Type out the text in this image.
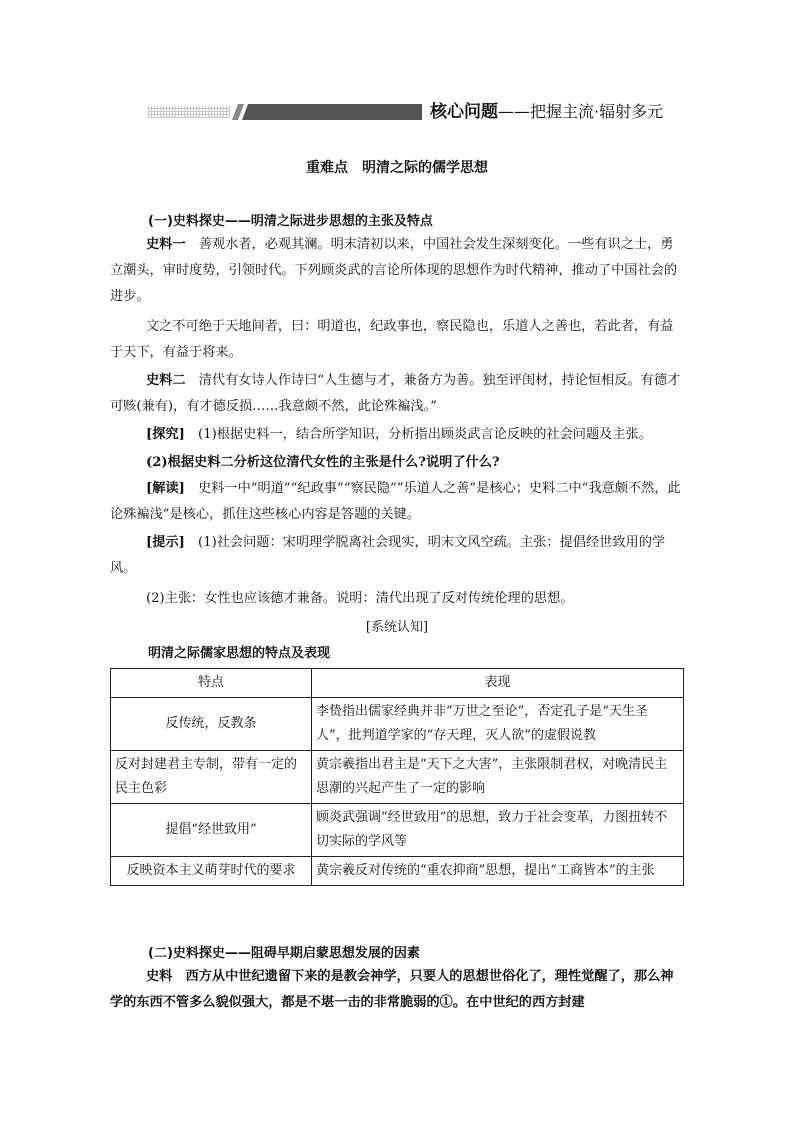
核心问题——把握主流·辐射多元
重难点　明清之际的儒学思想
(一)史料探史——明清之际进步思想的主张及特点

史料一　善观水者，必观其澜。明末清初以来，中国社会发生深刻变化。一些有识之士，勇立潮头，审时度势，引领时代。下列顾炎武的言论所体现的思想作为时代精神，推动了中国社会的进步。

文之不可绝于天地间者，曰：明道也，纪政事也，察民隐也，乐道人之善也，若此者，有益于天下，有益于将来。

史料二　清代有女诗人作诗曰“人生德与才，兼备方为善。独至评闺材，持论恒相反。有德才可赅(兼有)，有才德反损……我意颇不然，此论殊褊浅。”

[探究]　(1)根据史料一，结合所学知识，分析指出顾炎武言论反映的社会问题及主张。

(2)根据史料二分析这位清代女性的主张是什么?说明了什么?

[解读]　史料一中“明道”“纪政事”“察民隐”“乐道人之善”是核心；史料二中“我意颇不然，此论殊褊浅”是核心，抓住这些核心内容是答题的关键。

[提示]　(1)社会问题：宋明理学脱离社会现实，明末文风空疏。主张：提倡经世致用的学风。

(2)主张：女性也应该德才兼备。说明：清代出现了反对传统伦理的思想。

[系统认知]
明清之际儒家思想的特点及表现
特点	表现
反传统，反教条	李贽指出儒家经典并非“万世之至论”，否定孔子是“天生圣人”，批判道学家的“存天理，灭人欲”的虚假说教
反对封建君主专制，带有一定的民主色彩	黄宗羲指出君主是“天下之大害”，主张限制君权，对晚清民主思潮的兴起产生了一定的影响
提倡“经世致用”	顾炎武强调“经世致用”的思想，致力于社会变革，力图扭转不切实际的学风等
反映资本主义萌芽时代的要求	黄宗羲反对传统的“重农抑商”思想，提出“工商皆本”的主张
(二)史料探史——阻碍早期启蒙思想发展的因素

史料　西方从中世纪遗留下来的是教会神学，只要人的思想世俗化了，理性觉醒了，那么神学的东西不管多么貌似强大，都是不堪一击的非常脆弱的①。在中世纪的西方封建
